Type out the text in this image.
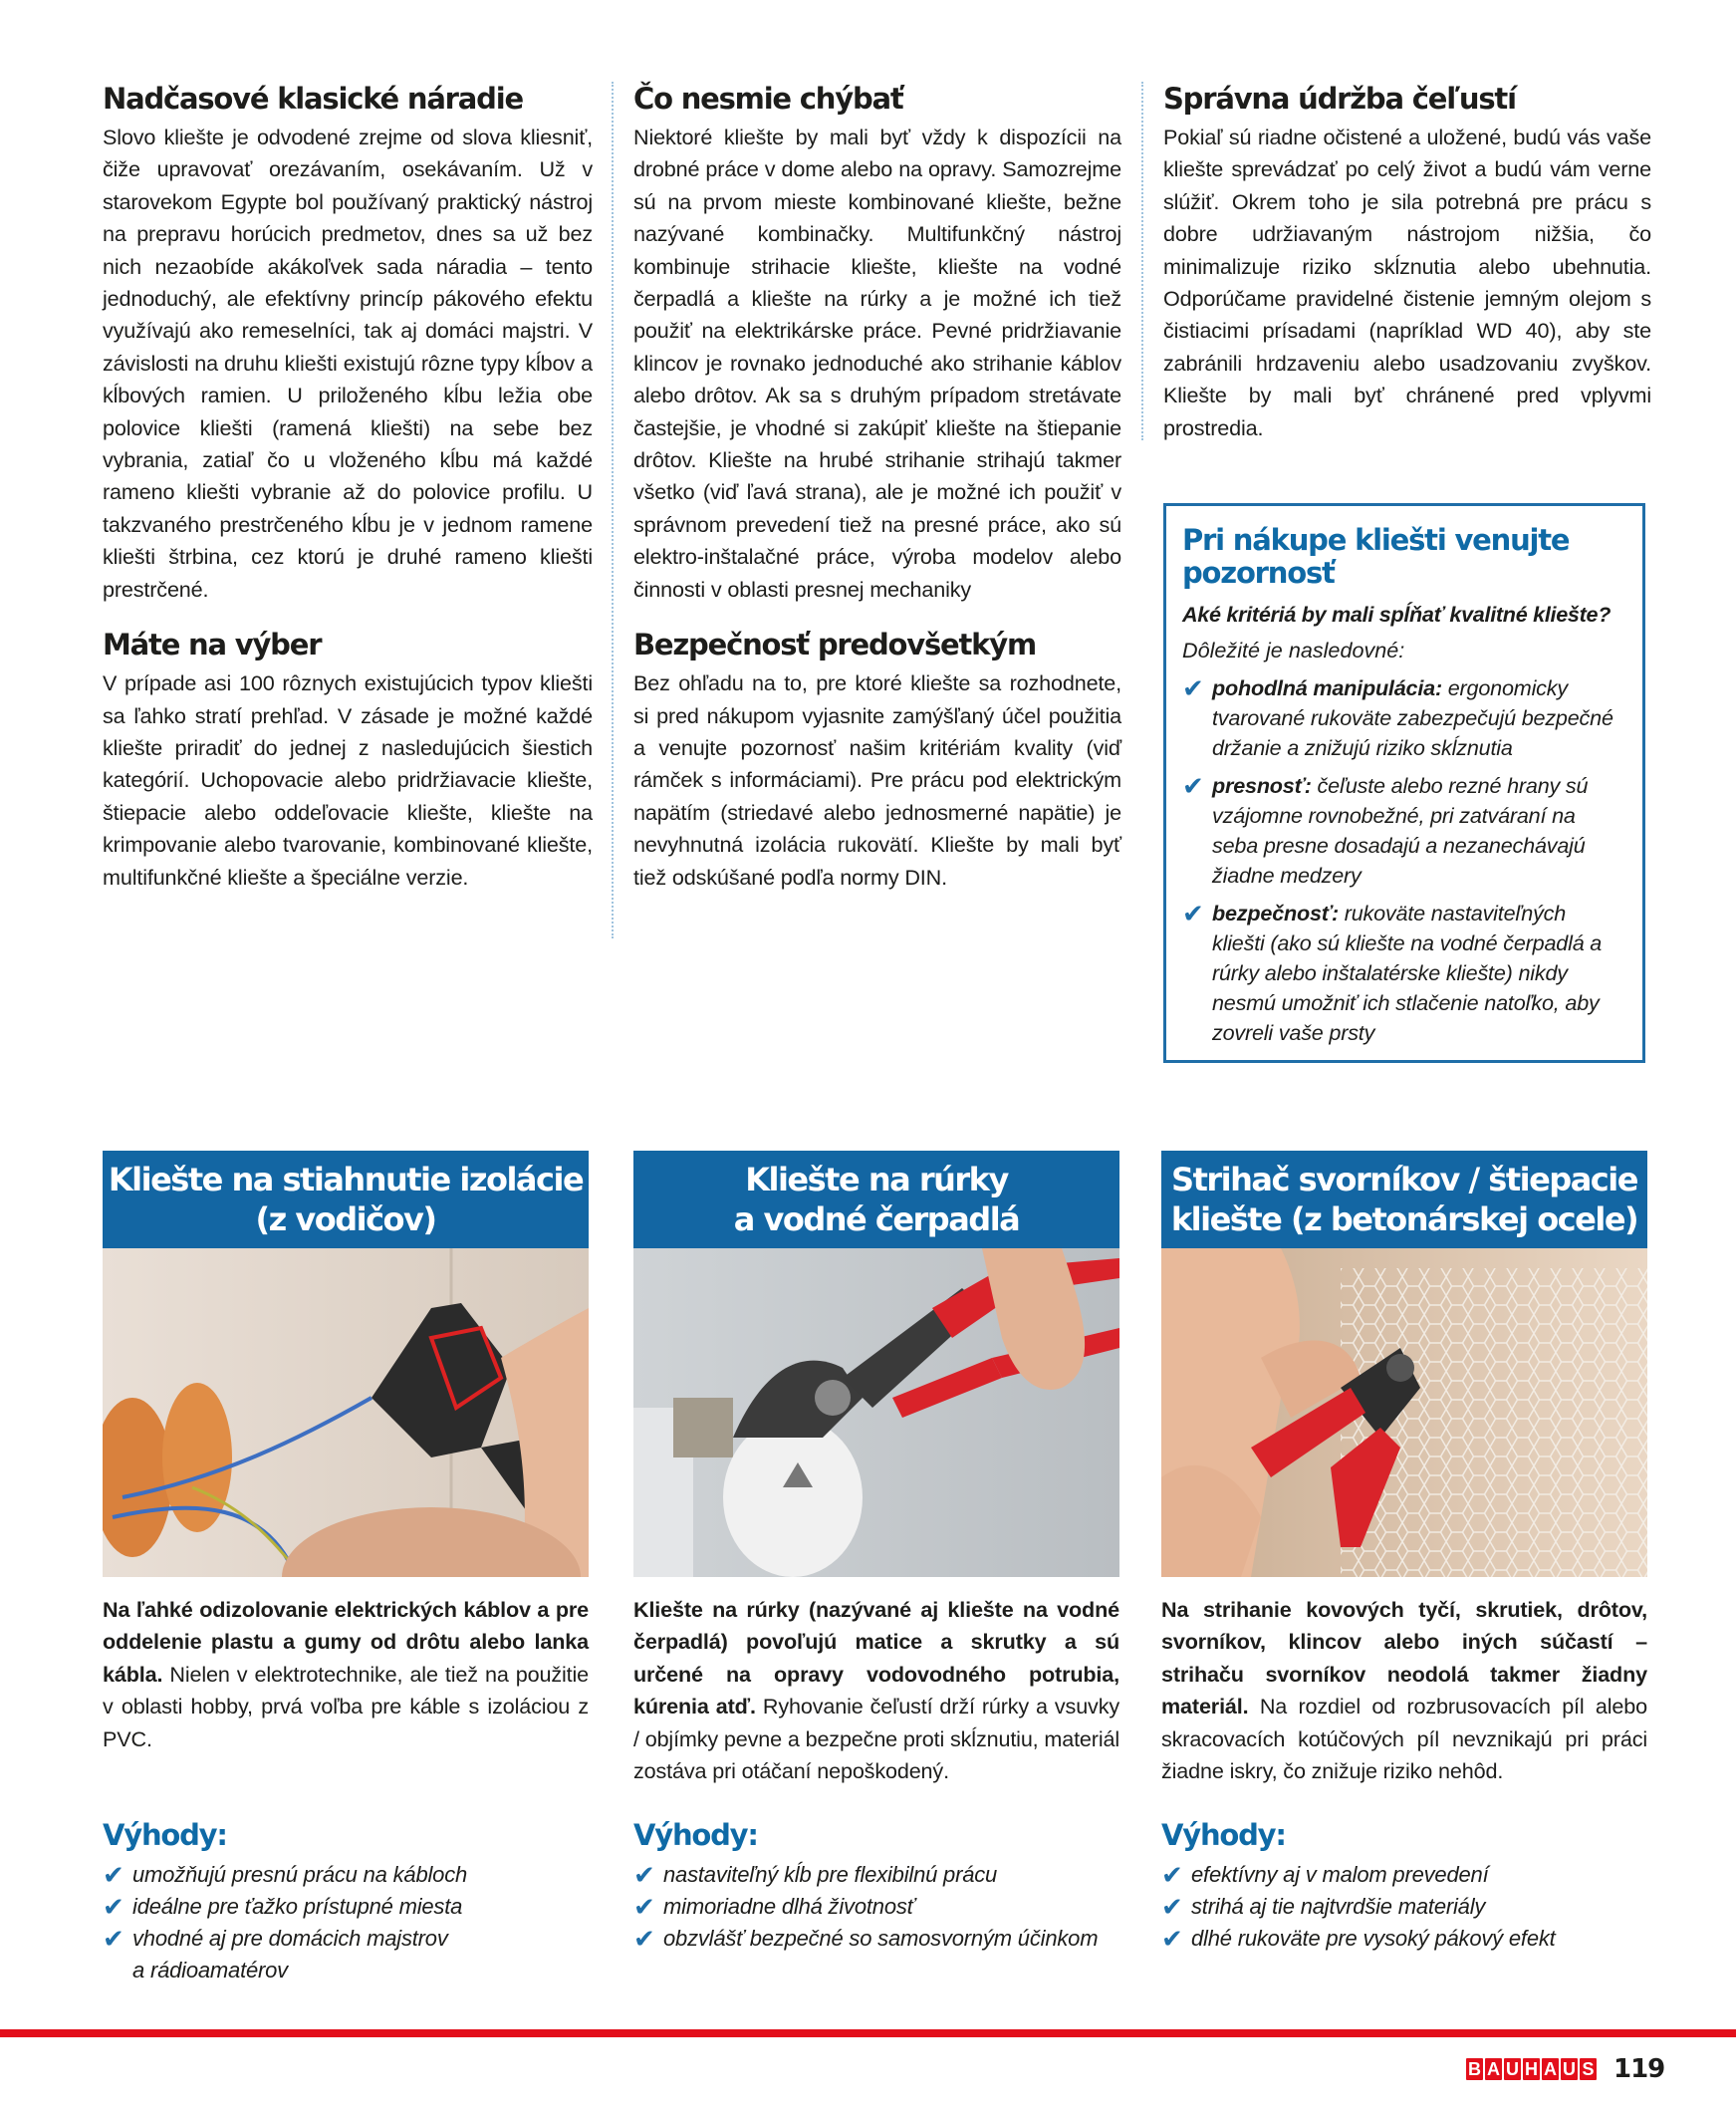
Nadčasové klasické náradie

Slovo kliešte je odvodené zrejme od slova kliesniť, čiže upravovať orezávaním, osekávaním. Už v starovekom Egypte bol používaný praktický nástroj na prepravu horúcich predmetov, dnes sa už bez nich nezaobíde akákoľvek sada náradia – tento jednoduchý, ale efektívny princíp pákového efektu využívajú ako remeselníci, tak aj domáci majstri. V závislosti na druhu kliešti existujú rôzne typy kĺbov a kĺbových ramien. U priloženého kĺbu ležia obe polovice kliešti (ramená kliešti) na sebe bez vybrania, zatiaľ čo u vloženého kĺbu má každé rameno kliešti vybranie až do polovice profilu. U takzvaného prestrčeného kĺbu je v jednom ramene kliešti štrbina, cez ktorú je druhé rameno kliešti prestrčené.

Máte na výber

V prípade asi 100 rôznych existujúcich typov kliešti sa ľahko stratí prehľad. V zásade je možné každé kliešte priradiť do jednej z nasledujúcich šiestich kategórií. Uchopovacie alebo pridržiavacie kliešte, štiepacie alebo oddeľovacie kliešte, kliešte na krimpovanie alebo tvarovanie, kombinované kliešte, multifunkčné kliešte a špeciálne verzie.

Čo nesmie chýbať

Niektoré kliešte by mali byť vždy k dispozícii na drobné práce v dome alebo na opravy. Samozrejme sú na prvom mieste kombinované kliešte, bežne nazývané kombinačky. Multifunkčný nástroj kombinuje strihacie kliešte, kliešte na vodné čerpadlá a kliešte na rúrky a je možné ich tiež použiť na elektrikárske práce. Pevné pridržiavanie klincov je rovnako jednoduché ako strihanie káblov alebo drôtov. Ak sa s druhým prípadom stretávate častejšie, je vhodné si zakúpiť kliešte na štiepanie drôtov. Kliešte na hrubé strihanie strihajú takmer všetko (viď ľavá strana), ale je možné ich použiť v správnom prevedení tiež na presné práce, ako sú elektro-inštalačné práce, výroba modelov alebo činnosti v oblasti presnej mechaniky

Bezpečnosť predovšetkým

Bez ohľadu na to, pre ktoré kliešte sa rozhodnete, si pred nákupom vyjasnite zamýšľaný účel použitia a venujte pozornosť našim kritériám kvality (viď rámček s informáciami). Pre prácu pod elektrickým napätím (striedavé alebo jednosmerné napätie) je nevyhnutná izolácia rukovätí. Kliešte by mali byť tiež odskúšané podľa normy DIN.

Správna údržba čeľustí

Pokiaľ sú riadne očistené a uložené, budú vás vaše kliešte sprevádzať po celý život a budú vám verne slúžiť. Okrem toho je sila potrebná pre prácu s dobre udržiavaným nástrojom nižšia, čo minimalizuje riziko skĺznutia alebo ubehnutia. Odporúčame pravidelné čistenie jemným olejom s čistiacimi prísadami (napríklad WD 40), aby ste zabránili hrdzaveniu alebo usadzovaniu zvyškov. Kliešte by mali byť chránené pred vplyvmi prostredia.

Pri nákupe kliešti venujte pozornosť
Aké kritériá by mali spĺňať kvalitné kliešte?
Dôležité je nasledovné:
✔ pohodlná manipulácia: ergonomicky tvarované rukoväte zabezpečujú bezpečné držanie a znižujú riziko skĺznutia
✔ presnosť: čeľuste alebo rezné hrany sú vzájomne rovnobežné, pri zatváraní na seba presne dosadajú a nezanechávajú žiadne medzery
✔ bezpečnosť: rukoväte nastaviteľných kliešti (ako sú kliešte na vodné čerpadlá a rúrky alebo inštalatérske kliešte) nikdy nesmú umožniť ich stlačenie natoľko, aby zovreli vaše prsty
Kliešte na stiahnutie izolácie
(z vodičov)
Na ľahké odizolovanie elektrických káblov a pre oddelenie plastu a gumy od drôtu alebo lanka kábla. Nielen v elektrotechnike, ale tiež na použitie v oblasti hobby, prvá voľba pre káble s izoláciou z PVC.
Výhody:
✔ umožňujú presnú prácu na kábloch
✔ ideálne pre ťažko prístupné miesta
✔ vhodné aj pre domácich majstrov a rádioamatérov
Kliešte na rúrky
a vodné čerpadlá
Kliešte na rúrky (nazývané aj kliešte na vodné čerpadlá) povoľujú matice a skrutky a sú určené na opravy vodovodného potrubia, kúrenia atď. Ryhovanie čeľustí drží rúrky a vsuvky / objímky pevne a bezpečne proti skĺznutiu, materiál zostáva pri otáčaní nepoškodený.
Výhody:
✔ nastaviteľný kĺb pre flexibilnú prácu
✔ mimoriadne dlhá životnosť
✔ obzvlášť bezpečné so samosvorným účinkom
Strihač svorníkov / štiepacie
kliešte (z betonárskej ocele)
Na strihanie kovových tyčí, skrutiek, drôtov, svorníkov, klincov alebo iných súčastí – strihaču svorníkov neodolá takmer žiadny materiál. Na rozdiel od rozbrusovacích píl alebo skracovacích kotúčových píl nevznikajú pri práci žiadne iskry, čo znižuje riziko nehôd.
Výhody:
✔ efektívny aj v malom prevedení
✔ strihá aj tie najtvrdšie materiály
✔ dlhé rukoväte pre vysoký pákový efekt
B A U H A U S 119
